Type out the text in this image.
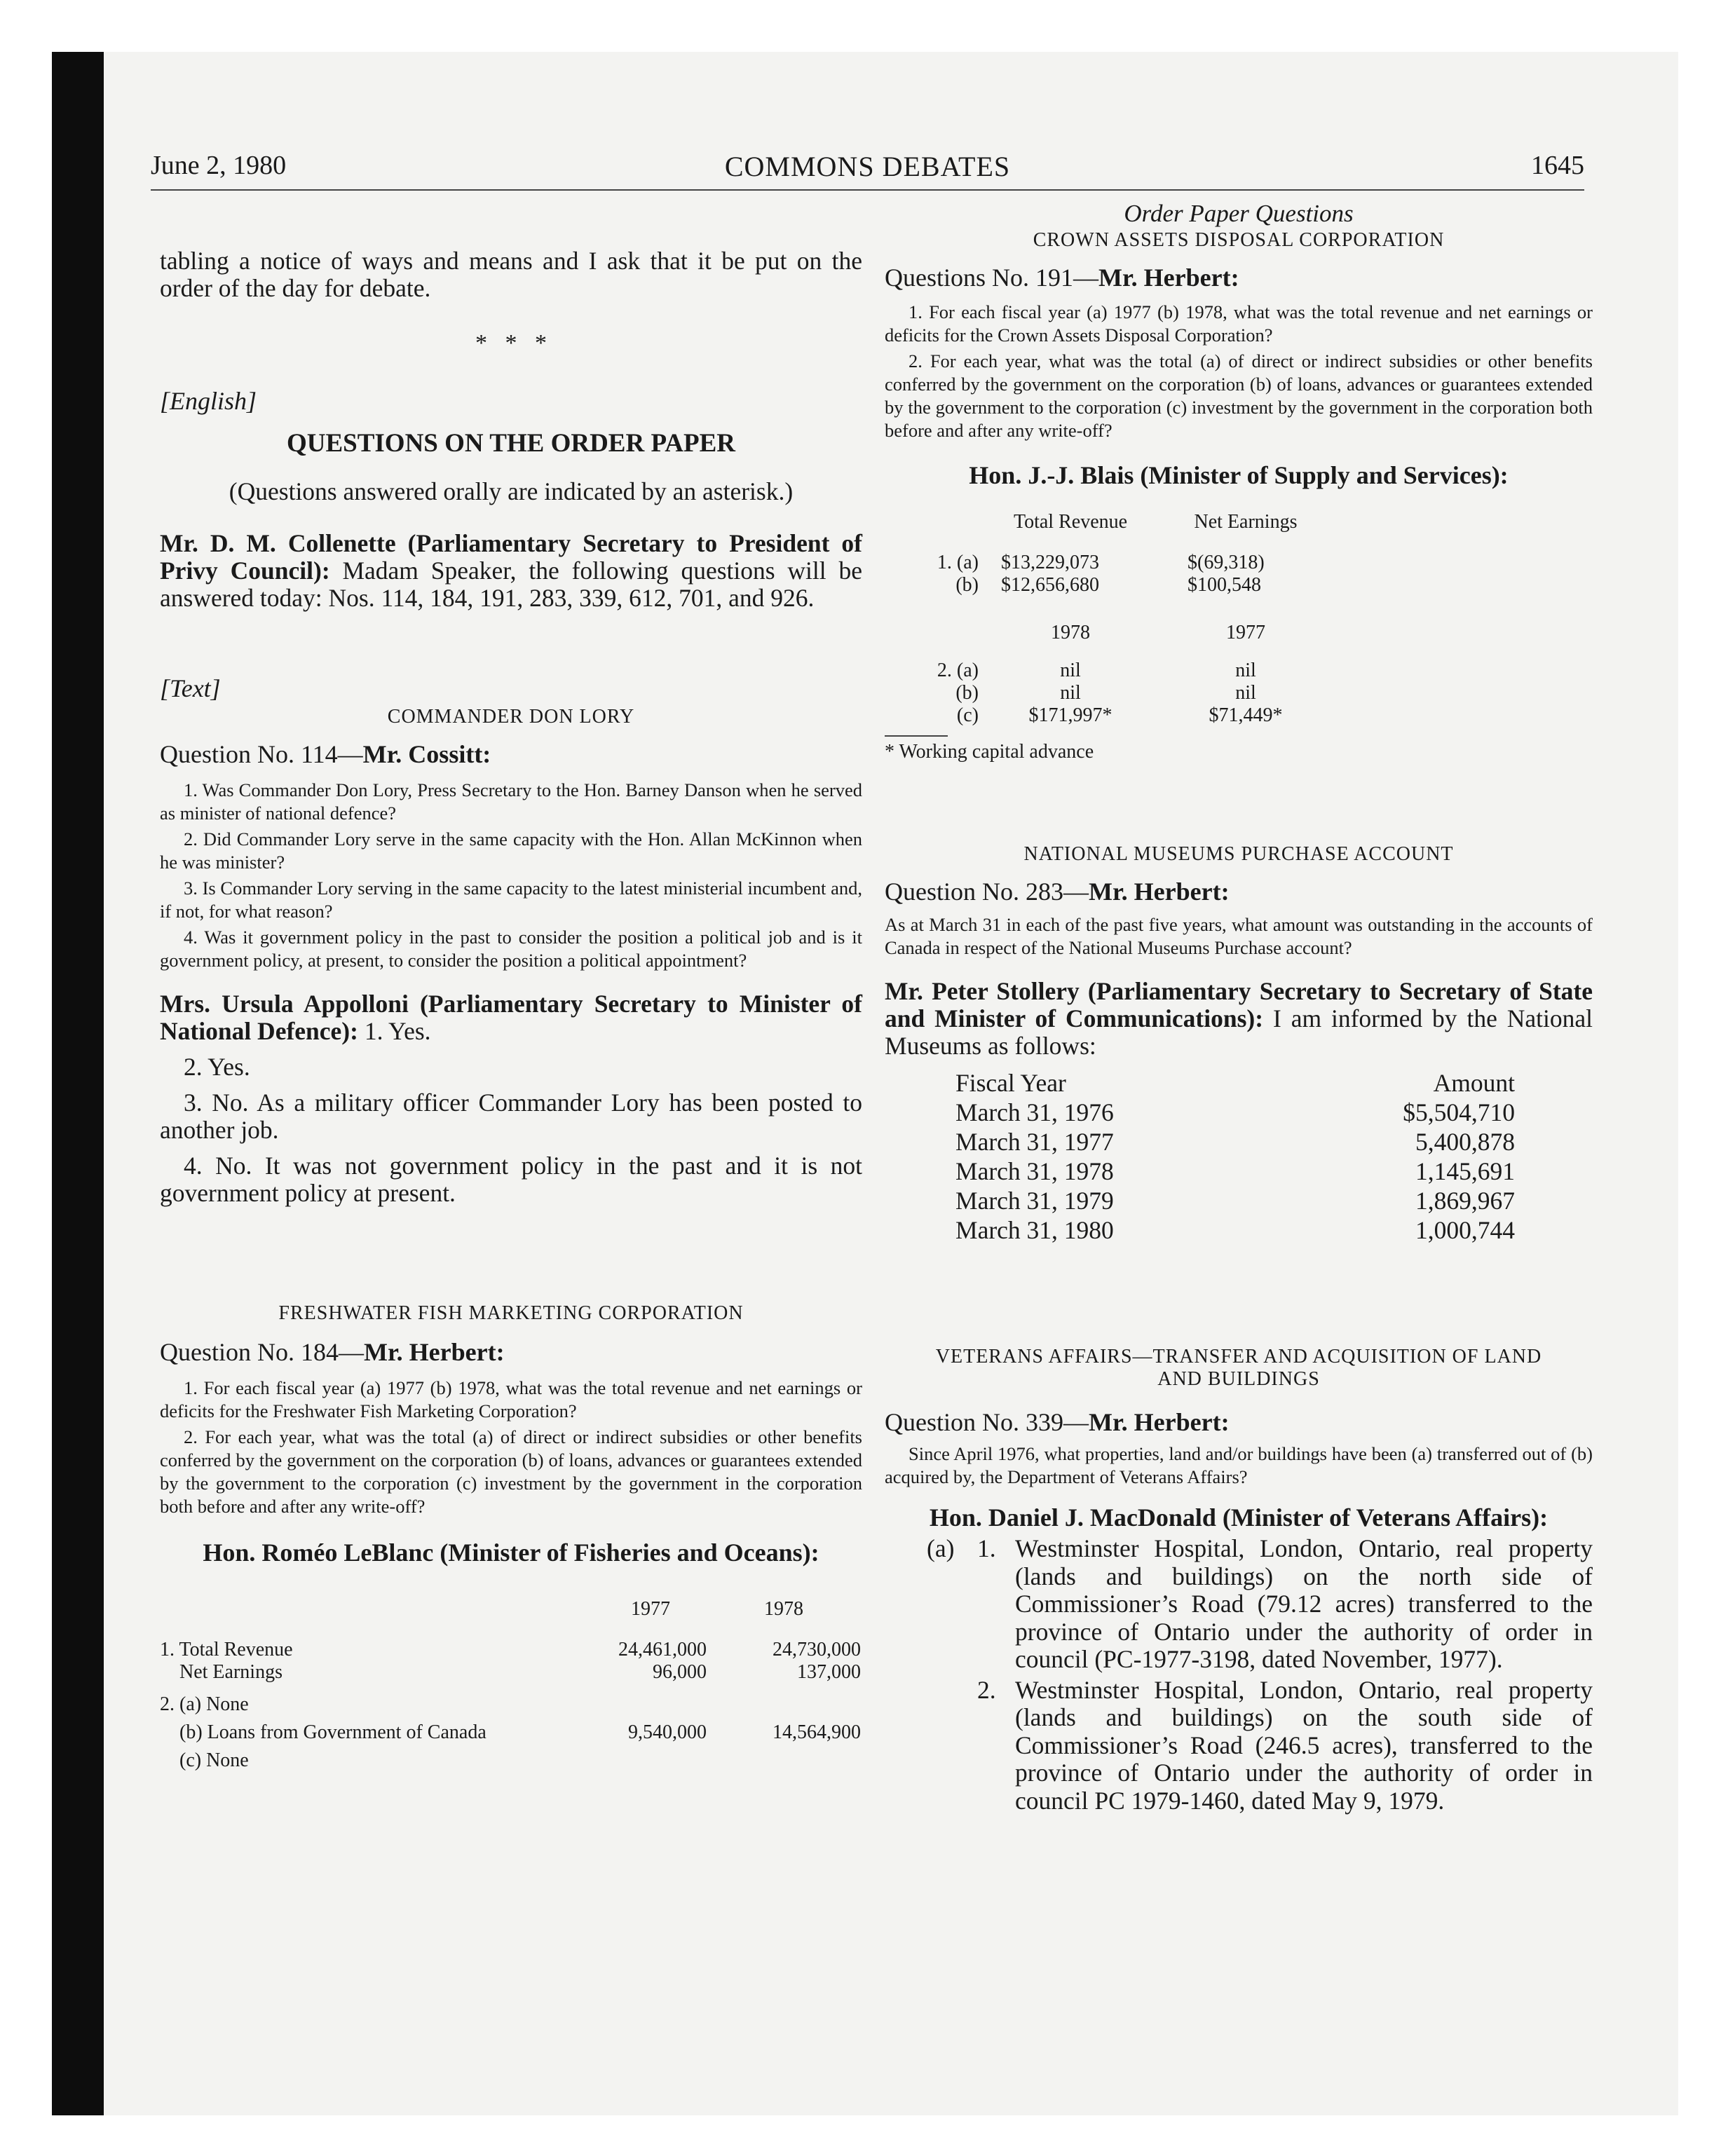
June 2, 1980	COMMONS DEBATES	1645

tabling a notice of ways and means and I ask that it be put on the order of the day for debate.

*   *   *

[English]

QUESTIONS ON THE ORDER PAPER

(Questions answered orally are indicated by an asterisk.)

Mr. D. M. Collenette (Parliamentary Secretary to President of Privy Council): Madam Speaker, the following questions will be answered today: Nos. 114, 184, 191, 283, 339, 612, 701, and 926.

[Text]

COMMANDER DON LORY

Question No. 114—Mr. Cossitt:

1. Was Commander Don Lory, Press Secretary to the Hon. Barney Danson when he served as minister of national defence?

2. Did Commander Lory serve in the same capacity with the Hon. Allan McKinnon when he was minister?

3. Is Commander Lory serving in the same capacity to the latest ministerial incumbent and, if not, for what reason?

4. Was it government policy in the past to consider the position a political job and is it government policy, at present, to consider the position a political appointment?

Mrs. Ursula Appolloni (Parliamentary Secretary to Minister of National Defence): 1. Yes.

2. Yes.

3. No. As a military officer Commander Lory has been posted to another job.

4. No. It was not government policy in the past and it is not government policy at present.

FRESHWATER FISH MARKETING CORPORATION

Question No. 184—Mr. Herbert:

1. For each fiscal year (a) 1977 (b) 1978, what was the total revenue and net earnings or deficits for the Freshwater Fish Marketing Corporation?

2. For each year, what was the total (a) of direct or indirect subsidies or other benefits conferred by the government on the corporation (b) of loans, advances or guarantees extended by the government to the corporation (c) investment by the government in the corporation both before and after any write-off?

Hon. Roméo LeBlanc (Minister of Fisheries and Oceans):

	1977	1978

1. Total Revenue	24,461,000	24,730,000
Net Earnings	96,000	137,000

2. (a) None		
(b) Loans from Government of Canada	9,540,000	14,564,900
(c) None		

Order Paper Questions

CROWN ASSETS DISPOSAL CORPORATION

Questions No. 191—Mr. Herbert:

1. For each fiscal year (a) 1977 (b) 1978, what was the total revenue and net earnings or deficits for the Crown Assets Disposal Corporation?

2. For each year, what was the total (a) of direct or indirect subsidies or other benefits conferred by the government on the corporation (b) of loans, advances or guarantees extended by the government to the corporation (c) investment by the government in the corporation both before and after any write-off?

Hon. J.-J. Blais (Minister of Supply and Services):

	Total Revenue	Net Earnings

1. (a)	$13,229,073	$(69,318)
(b)	$12,656,680	$100,548
	1978	1977

2. (a)	nil	nil
(b)	nil	nil
(c)	$171,997*	$71,449*

* Working capital advance

NATIONAL MUSEUMS PURCHASE ACCOUNT

Question No. 283—Mr. Herbert:

As at March 31 in each of the past five years, what amount was outstanding in the accounts of Canada in respect of the National Museums Purchase account?

Mr. Peter Stollery (Parliamentary Secretary to Secretary of State and Minister of Communications): I am informed by the National Museums as follows:

Fiscal Year	Amount
March 31, 1976	$5,504,710
March 31, 1977	5,400,878
March 31, 1978	1,145,691
March 31, 1979	1,869,967
March 31, 1980	1,000,744

VETERANS AFFAIRS—TRANSFER AND ACQUISITION OF LAND
AND BUILDINGS

Question No. 339—Mr. Herbert:

Since April 1976, what properties, land and/or buildings have been (a) transferred out of (b) acquired by, the Department of Veterans Affairs?

Hon. Daniel J. MacDonald (Minister of Veterans Affairs):

(a) 1. Westminster Hospital, London, Ontario, real property (lands and buildings) on the north side of Commissioner’s Road (79.12 acres) transferred to the province of Ontario under the authority of order in council (PC-1977-3198, dated November, 1977).

2. Westminster Hospital, London, Ontario, real property (lands and buildings) on the south side of Commissioner’s Road (246.5 acres), transferred to the province of Ontario under the authority of order in council PC 1979-1460, dated May 9, 1979.
